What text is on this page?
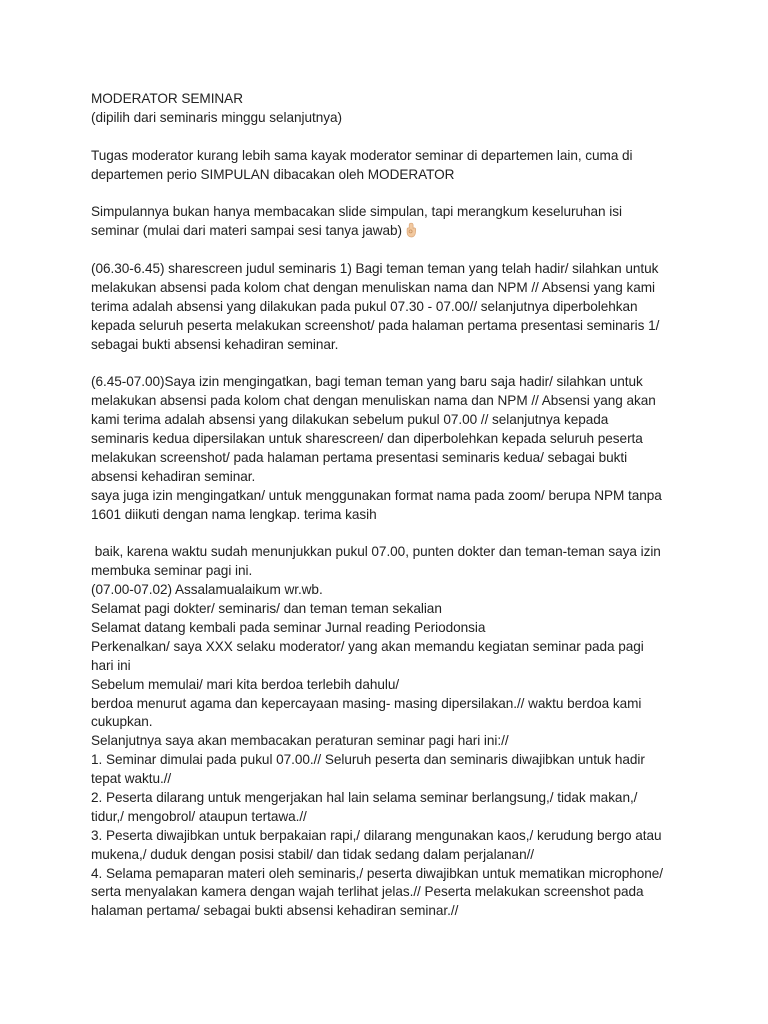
MODERATOR SEMINAR
(dipilih dari seminaris minggu selanjutnya)
Tugas moderator kurang lebih sama kayak moderator seminar di departemen lain, cuma di
departemen perio SIMPULAN dibacakan oleh MODERATOR
Simpulannya bukan hanya membacakan slide simpulan, tapi merangkum keseluruhan isi
seminar (mulai dari materi sampai sesi tanya jawab)
(06.30-6.45) sharescreen judul seminaris 1) Bagi teman teman yang telah hadir/ silahkan untuk
melakukan absensi pada kolom chat dengan menuliskan nama dan NPM // Absensi yang kami
terima adalah absensi yang dilakukan pada pukul 07.30 - 07.00// selanjutnya diperbolehkan
kepada seluruh peserta melakukan screenshot/ pada halaman pertama presentasi seminaris 1/
sebagai bukti absensi kehadiran seminar.
(6.45-07.00)Saya izin mengingatkan, bagi teman teman yang baru saja hadir/ silahkan untuk
melakukan absensi pada kolom chat dengan menuliskan nama dan NPM // Absensi yang akan
kami terima adalah absensi yang dilakukan sebelum pukul 07.00 // selanjutnya kepada
seminaris kedua dipersilakan untuk sharescreen/ dan diperbolehkan kepada seluruh peserta
melakukan screenshot/ pada halaman pertama presentasi seminaris kedua/ sebagai bukti
absensi kehadiran seminar.
saya juga izin mengingatkan/ untuk menggunakan format nama pada zoom/ berupa NPM tanpa
1601 diikuti dengan nama lengkap. terima kasih
baik, karena waktu sudah menunjukkan pukul 07.00, punten dokter dan teman-teman saya izin
membuka seminar pagi ini.
(07.00-07.02) Assalamualaikum wr.wb.
Selamat pagi dokter/ seminaris/ dan teman teman sekalian
Selamat datang kembali pada seminar Jurnal reading Periodonsia
Perkenalkan/ saya XXX selaku moderator/ yang akan memandu kegiatan seminar pada pagi
hari ini
Sebelum memulai/ mari kita berdoa terlebih dahulu/
berdoa menurut agama dan kepercayaan masing- masing dipersilakan.// waktu berdoa kami
cukupkan.
Selanjutnya saya akan membacakan peraturan seminar pagi hari ini://
1. Seminar dimulai pada pukul 07.00.// Seluruh peserta dan seminaris diwajibkan untuk hadir
tepat waktu.//
2. Peserta dilarang untuk mengerjakan hal lain selama seminar berlangsung,/ tidak makan,/
tidur,/ mengobrol/ ataupun tertawa.//
3. Peserta diwajibkan untuk berpakaian rapi,/ dilarang mengunakan kaos,/ kerudung bergo atau
mukena,/ duduk dengan posisi stabil/ dan tidak sedang dalam perjalanan//
4. Selama pemaparan materi oleh seminaris,/ peserta diwajibkan untuk mematikan microphone/
serta menyalakan kamera dengan wajah terlihat jelas.// Peserta melakukan screenshot pada
halaman pertama/ sebagai bukti absensi kehadiran seminar.//
